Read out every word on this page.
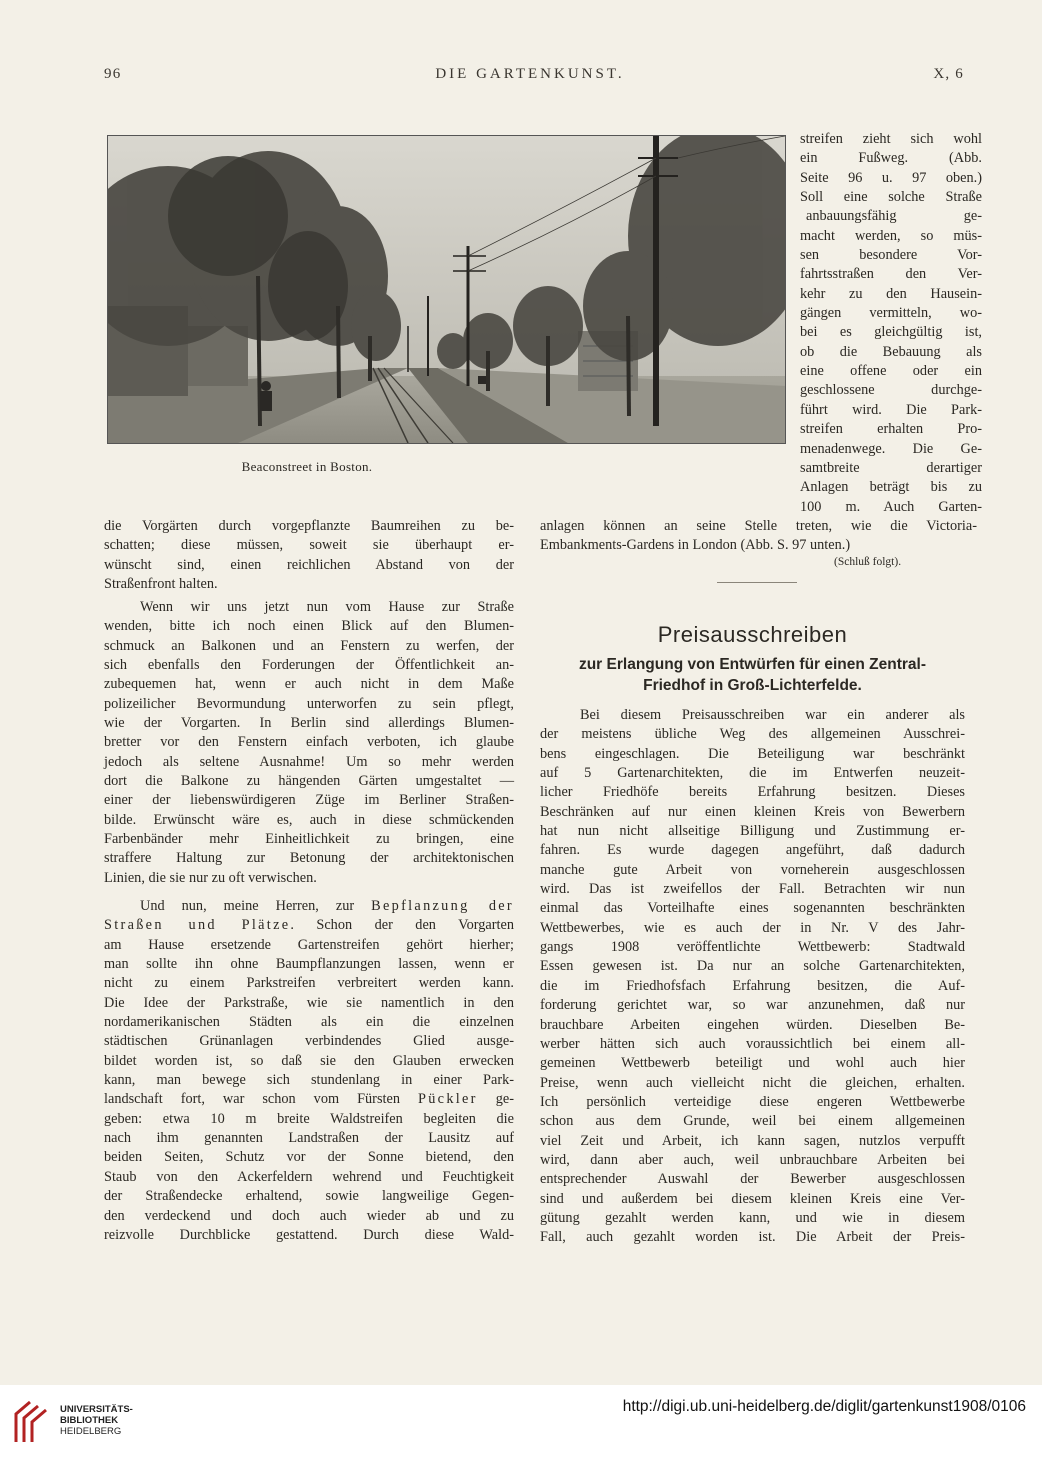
96	DIE GARTENKUNST.	X, 6
Beaconstreet in Boston.
streifen zieht sich wohl
ein Fußweg. (Abb.
Seite 96 u. 97 oben.)
Soll eine solche Straße
anbauungsfähig ge-
macht werden, so müs-
sen besondere Vor-
fahrtsstraßen den Ver-
kehr zu den Hausein-
gängen vermitteln, wo-
bei es gleichgültig ist,
ob die Bebauung als
eine offene oder ein
geschlossene durchge-
führt wird. Die Park-
streifen erhalten Pro-
menadenwege. Die Ge-
samtbreite derartiger
Anlagen beträgt bis zu
100 m. Auch Garten-
anlagen können an seine Stelle treten, wie die Victoria-
Embankments-Gardens in London (Abb. S. 97 unten.)
(Schluß folgt).
die Vorgärten durch vorgepflanzte Baumreihen zu be-
schatten; diese müssen, soweit sie überhaupt er-
wünscht sind, einen reichlichen Abstand von der
Straßenfront halten.
Wenn wir uns jetzt nun vom Hause zur Straße
wenden, bitte ich noch einen Blick auf den Blumen-
schmuck an Balkonen und an Fenstern zu werfen, der
sich ebenfalls den Forderungen der Öffentlichkeit an-
zubequemen hat, wenn er auch nicht in dem Maße
polizeilicher Bevormundung unterworfen zu sein pflegt,
wie der Vorgarten. In Berlin sind allerdings Blumen-
bretter vor den Fenstern einfach verboten, ich glaube
jedoch als seltene Ausnahme! Um so mehr werden
dort die Balkone zu hängenden Gärten umgestaltet —
einer der liebenswürdigeren Züge im Berliner Straßen-
bilde. Erwünscht wäre es, auch in diese schmückenden
Farbenbänder mehr Einheitlichkeit zu bringen, eine
straffere Haltung zur Betonung der architektonischen
Linien, die sie nur zu oft verwischen.
Und nun, meine Herren, zur Bepflanzung der
Straßen und Plätze. Schon der den Vorgarten
am Hause ersetzende Gartenstreifen gehört hierher;
man sollte ihn ohne Baumpflanzungen lassen, wenn er
nicht zu einem Parkstreifen verbreitert werden kann.
Die Idee der Parkstraße, wie sie namentlich in den
nordamerikanischen Städten als ein die einzelnen
städtischen Grünanlagen verbindendes Glied ausge-
bildet worden ist, so daß sie den Glauben erwecken
kann, man bewege sich stundenlang in einer Park-
landschaft fort, war schon vom Fürsten Pückler ge-
geben: etwa 10 m breite Waldstreifen begleiten die
nach ihm genannten Landstraßen der Lausitz auf
beiden Seiten, Schutz vor der Sonne bietend, den
Staub von den Ackerfeldern wehrend und Feuchtigkeit
der Straßendecke erhaltend, sowie langweilige Gegen-
den verdeckend und doch auch wieder ab und zu
reizvolle Durchblicke gestattend. Durch diese Wald-
Preisausschreiben
zur Erlangung von Entwürfen für einen Zentral-
Friedhof in Groß-Lichterfelde.
Bei diesem Preisausschreiben war ein anderer als
der meistens übliche Weg des allgemeinen Ausschrei-
bens eingeschlagen. Die Beteiligung war beschränkt
auf 5 Gartenarchitekten, die im Entwerfen neuzeit-
licher Friedhöfe bereits Erfahrung besitzen. Dieses
Beschränken auf nur einen kleinen Kreis von Bewerbern
hat nun nicht allseitige Billigung und Zustimmung er-
fahren. Es wurde dagegen angeführt, daß dadurch
manche gute Arbeit von vorneherein ausgeschlossen
wird. Das ist zweifellos der Fall. Betrachten wir nun
einmal das Vorteilhafte eines sogenannten beschränkten
Wettbewerbes, wie es auch der in Nr. V des Jahr-
gangs 1908 veröffentlichte Wettbewerb: Stadtwald
Essen gewesen ist. Da nur an solche Gartenarchitekten,
die im Friedhofsfach Erfahrung besitzen, die Auf-
forderung gerichtet war, so war anzunehmen, daß nur
brauchbare Arbeiten eingehen würden. Dieselben Be-
werber hätten sich auch voraussichtlich bei einem all-
gemeinen Wettbewerb beteiligt und wohl auch hier
Preise, wenn auch vielleicht nicht die gleichen, erhalten.
Ich persönlich verteidige diese engeren Wettbewerbe
schon aus dem Grunde, weil bei einem allgemeinen
viel Zeit und Arbeit, ich kann sagen, nutzlos verpufft
wird, dann aber auch, weil unbrauchbare Arbeiten bei
entsprechender Auswahl der Bewerber ausgeschlossen
sind und außerdem bei diesem kleinen Kreis eine Ver-
gütung gezahlt werden kann, und wie in diesem
Fall, auch gezahlt worden ist. Die Arbeit der Preis-
UNIVERSITÄTS-
BIBLIOTHEK
HEIDELBERG
http://digi.ub.uni-heidelberg.de/diglit/gartenkunst1908/0106
